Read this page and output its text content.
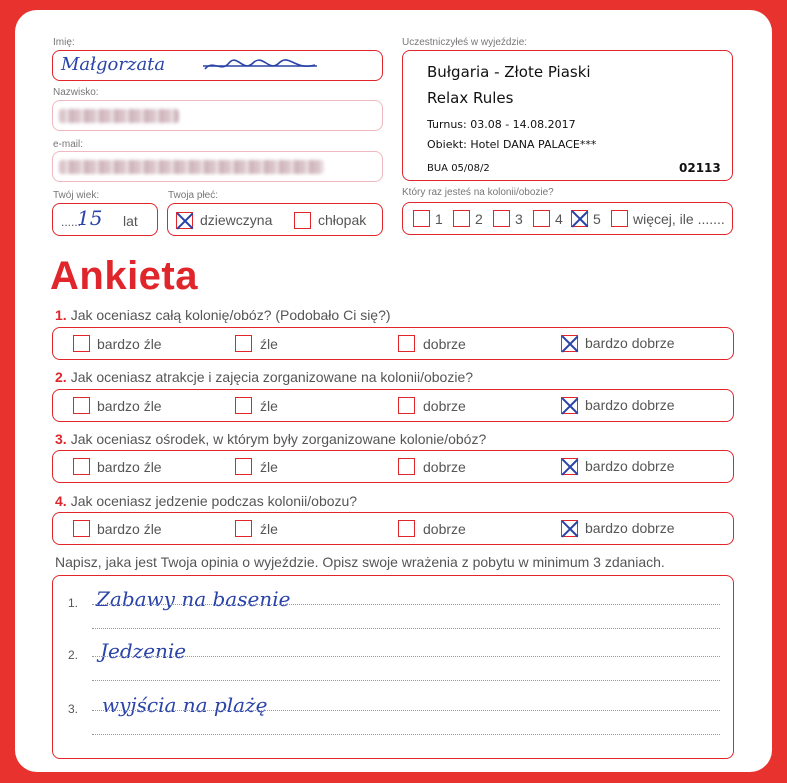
Imię:
Małgorzata
Nazwisko:
e-mail:
Twój wiek:
......
15 lat
Twoja płeć:
dziewczyna	chłopak
Uczestniczyłeś w wyjeździe:
Bułgaria - Złote Piaski
Relax Rules
Turnus: 03.08 - 14.08.2017
Obiekt: Hotel DANA PALACE***
BUA 05/08/2	02113
Który raz jesteś na kolonii/obozie?
1 2 3 4 5 więcej, ile .......
Ankieta
1. Jak oceniasz całą kolonię/obóz? (Podobało Ci się?)
bardzo źle	źle	dobrze	bardzo dobrze
2. Jak oceniasz atrakcje i zajęcia zorganizowane na kolonii/obozie?
bardzo źle	źle	dobrze	bardzo dobrze
3. Jak oceniasz ośrodek, w którym były zorganizowane kolonie/obóz?
bardzo źle	źle	dobrze	bardzo dobrze
4. Jak oceniasz jedzenie podczas kolonii/obozu?
bardzo źle	źle	dobrze	bardzo dobrze
Napisz, jaka jest Twoja opinia o wyjeździe. Opisz swoje wrażenia z pobytu w minimum 3 zdaniach.
1. Zabawy na basenie
2. Jedzenie
3. wyjścia na plażę
